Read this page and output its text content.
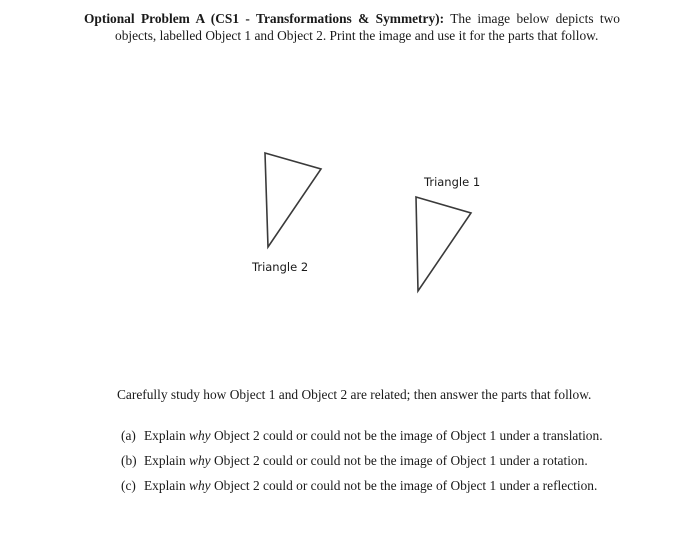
Optional Problem A (CS1 - Transformations & Symmetry): The image below depicts two objects, labelled Object 1 and Object 2. Print the image and use it for the parts that follow.
Triangle 2
Triangle 1
Carefully study how Object 1 and Object 2 are related; then answer the parts that follow.
(a) Explain why Object 2 could or could not be the image of Object 1 under a translation.
(b) Explain why Object 2 could or could not be the image of Object 1 under a rotation.
(c) Explain why Object 2 could or could not be the image of Object 1 under a reflection.
